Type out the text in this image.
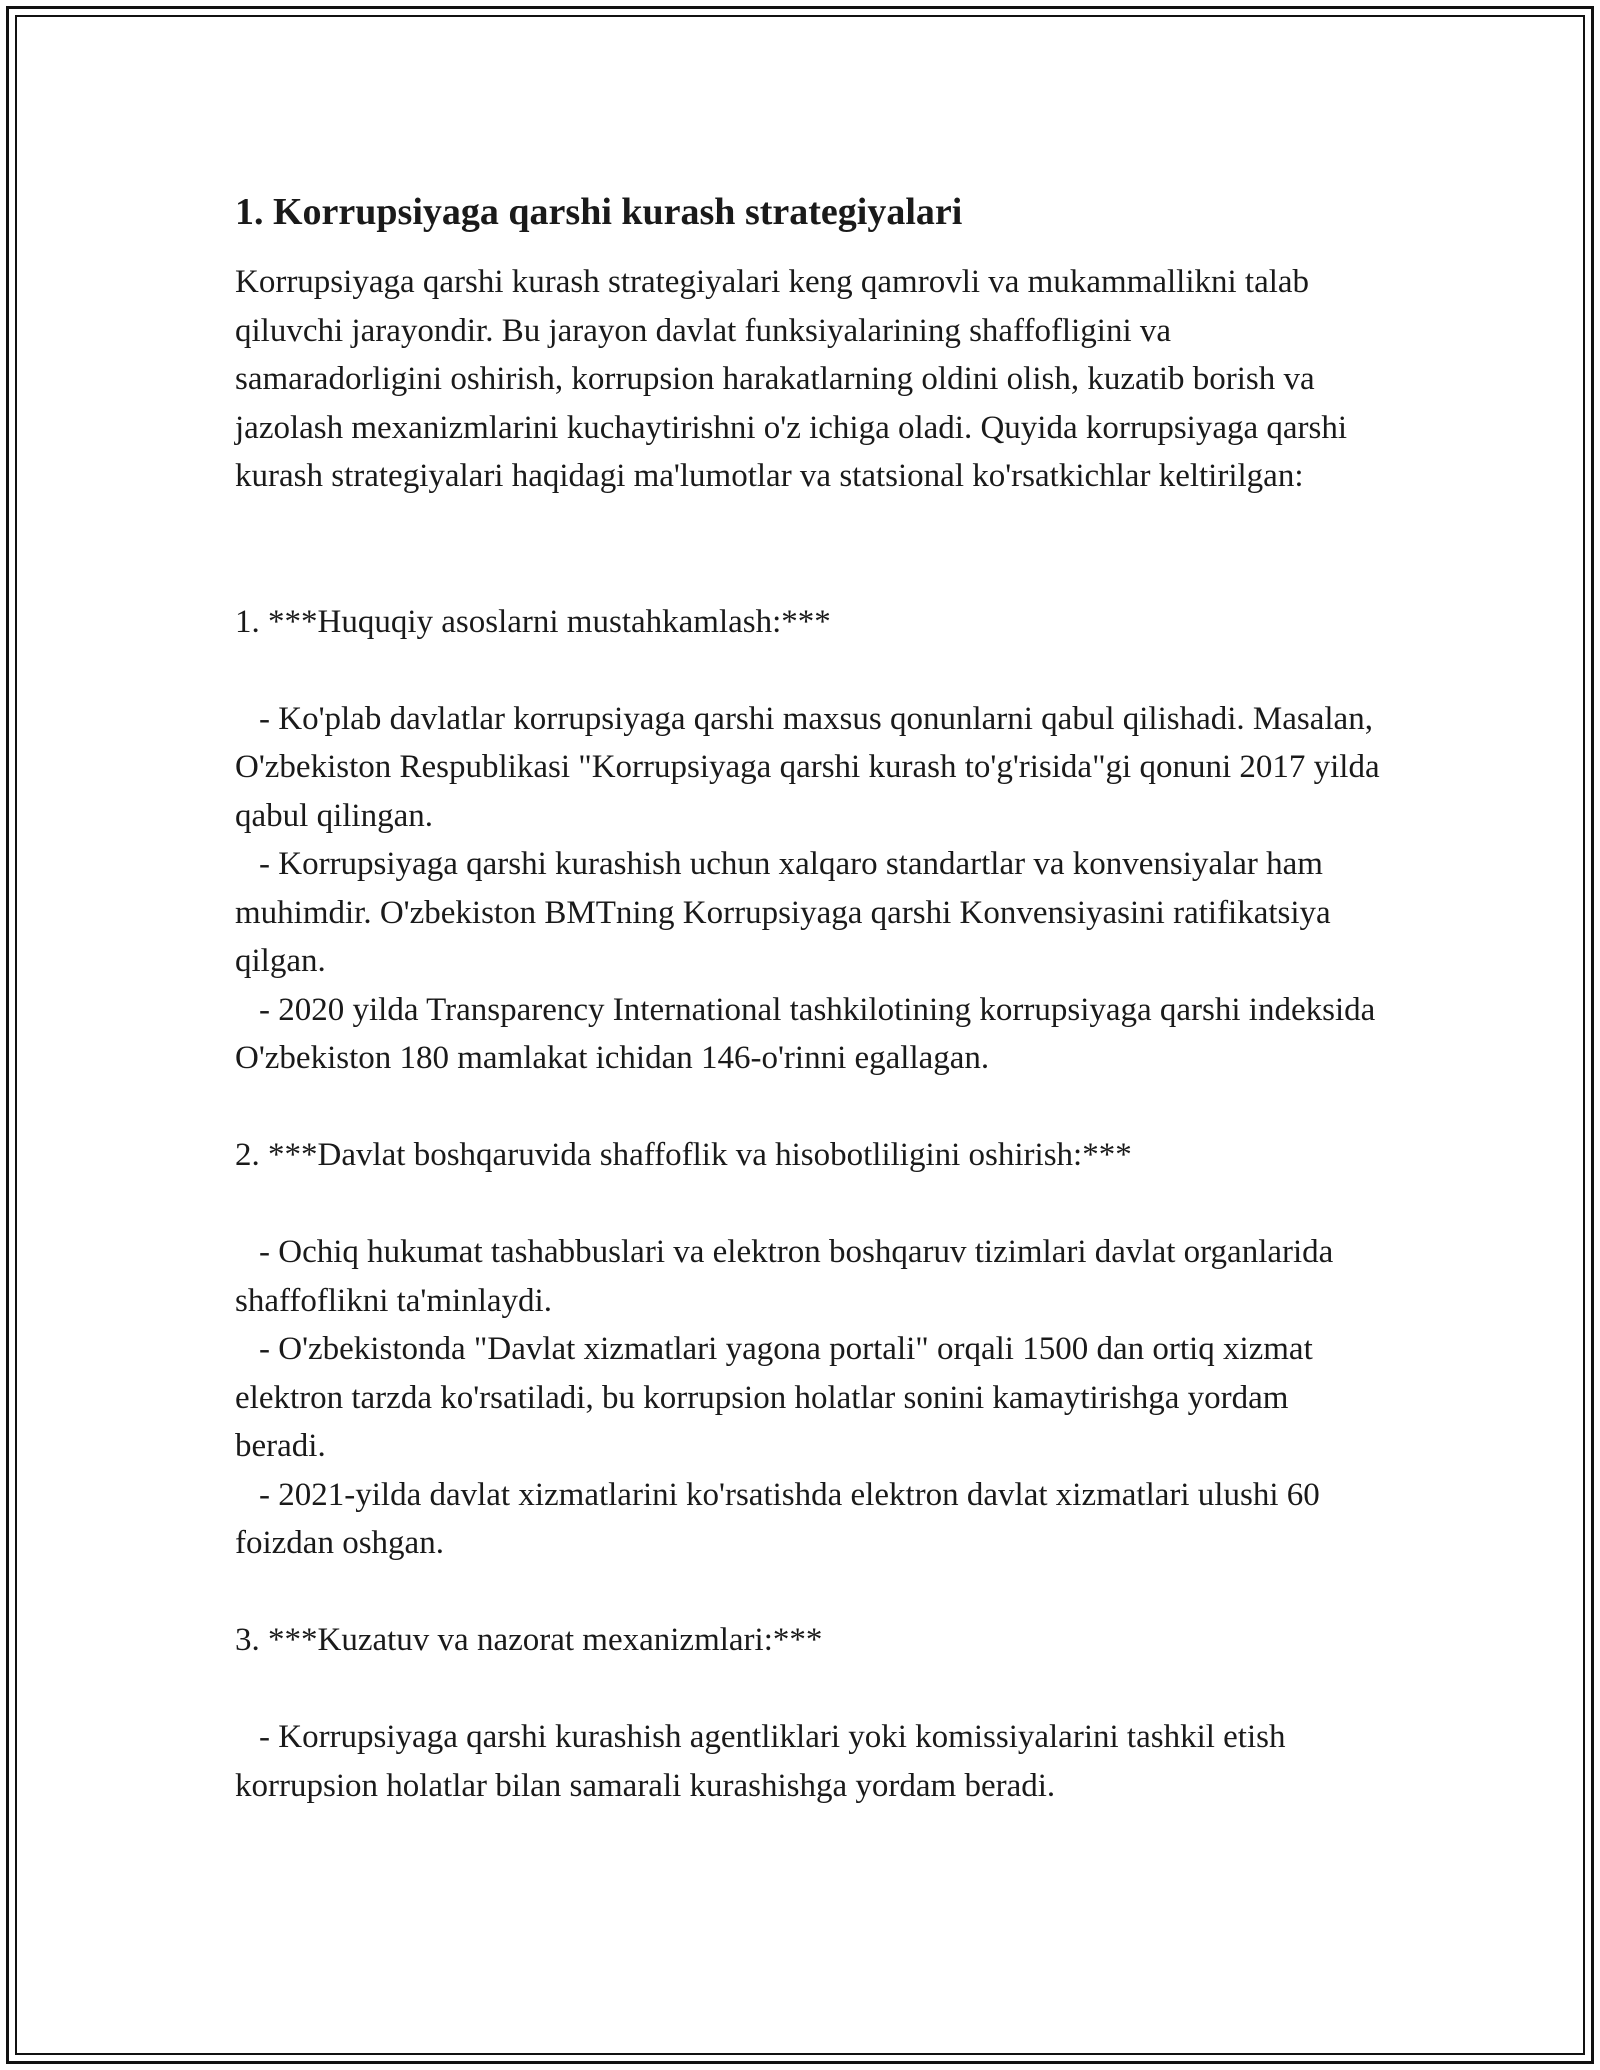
1. Korrupsiyaga qarshi kurash strategiyalari

Korrupsiyaga qarshi kurash strategiyalari keng qamrovli va mukammallikni talab qiluvchi jarayondir. Bu jarayon davlat funksiyalarining shaffofligini va samaradorligini oshirish, korrupsion harakatlarning oldini olish, kuzatib borish va jazolash mexanizmlarini kuchaytirishni o'z ichiga oladi. Quyida korrupsiyaga qarshi kurash strategiyalari haqidagi ma'lumotlar va statsional ko'rsatkichlar keltirilgan:

1. ***Huquqiy asoslarni mustahkamlash:***

- Ko'plab davlatlar korrupsiyaga qarshi maxsus qonunlarni qabul qilishadi. Masalan, O'zbekiston Respublikasi "Korrupsiyaga qarshi kurash to'g'risida"gi qonuni 2017 yilda qabul qilingan.

- Korrupsiyaga qarshi kurashish uchun xalqaro standartlar va konvensiyalar ham muhimdir. O'zbekiston BMTning Korrupsiyaga qarshi Konvensiyasini ratifikatsiya qilgan.

- 2020 yilda Transparency International tashkilotining korrupsiyaga qarshi indeksida O'zbekiston 180 mamlakat ichidan 146-o'rinni egallagan.

2. ***Davlat boshqaruvida shaffoflik va hisobotliligini oshirish:***

- Ochiq hukumat tashabbuslari va elektron boshqaruv tizimlari davlat organlarida shaffoflikni ta'minlaydi.

- O'zbekistonda "Davlat xizmatlari yagona portali" orqali 1500 dan ortiq xizmat elektron tarzda ko'rsatiladi, bu korrupsion holatlar sonini kamaytirishga yordam beradi.

- 2021-yilda davlat xizmatlarini ko'rsatishda elektron davlat xizmatlari ulushi 60 foizdan oshgan.

3. ***Kuzatuv va nazorat mexanizmlari:***

- Korrupsiyaga qarshi kurashish agentliklari yoki komissiyalarini tashkil etish korrupsion holatlar bilan samarali kurashishga yordam beradi.
